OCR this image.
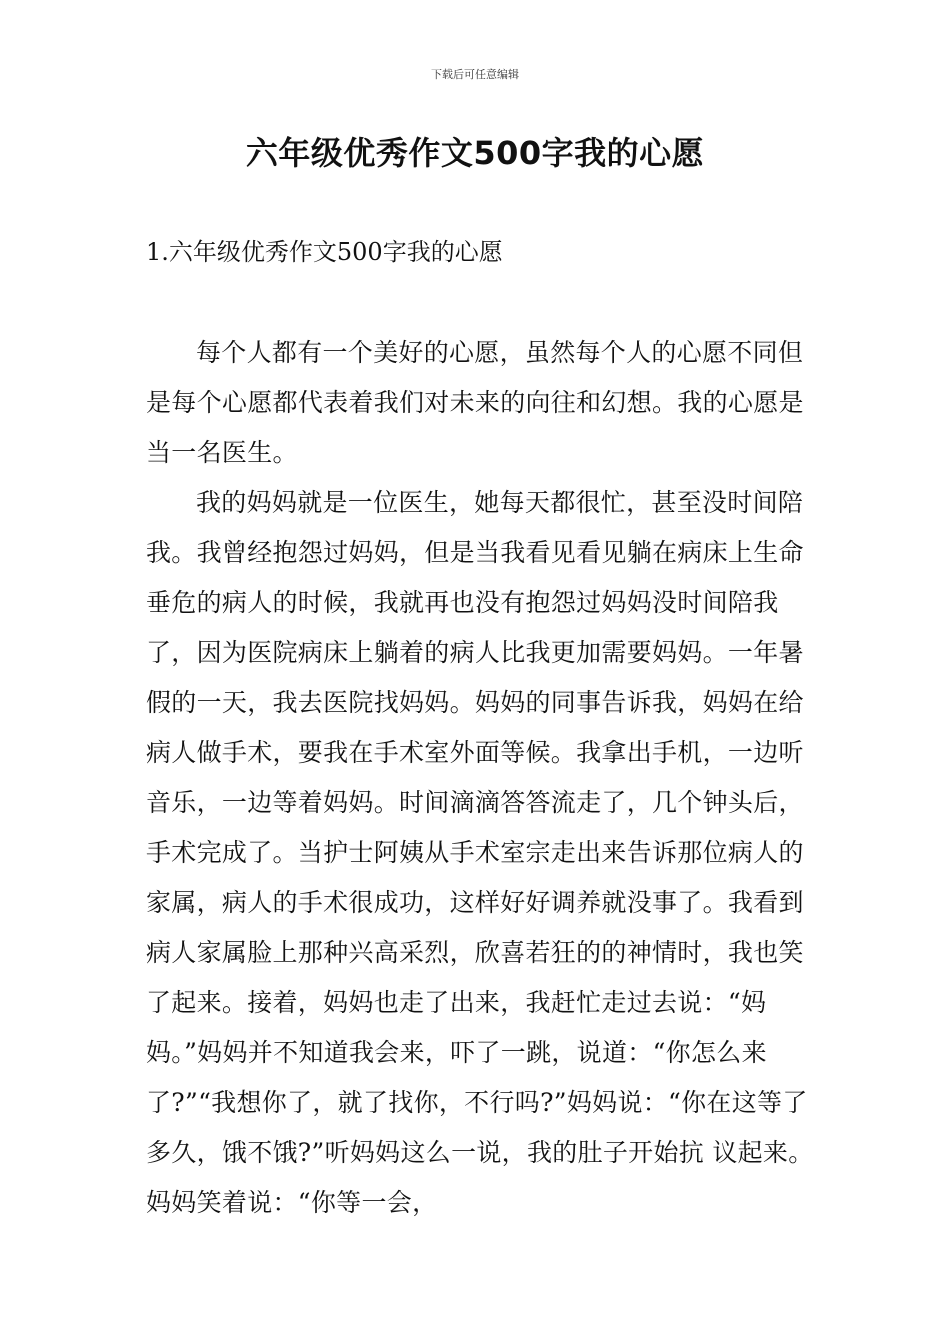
下载后可任意编辑
六年级优秀作文500字我的心愿
1.六年级优秀作文500字我的心愿

每个人都有一个美好的心愿，虽然每个人的心愿不同但是每个心愿都代表着我们对未来的向往和幻想。我的心愿是当一名医生。

我的妈妈就是一位医生，她每天都很忙，甚至没时间陪我。我曾经抱怨过妈妈，但是当我看见看见躺在病床上生命垂危的病人的时候，我就再也没有抱怨过妈妈没时间陪我了，因为医院病床上躺着的病人比我更加需要妈妈。一年暑假的一天，我去医院找妈妈。妈妈的同事告诉我，妈妈在给病人做手术，要我在手术室外面等候。我拿出手机，一边听音乐，一边等着妈妈。时间滴滴答答流走了，几个钟头后，手术完成了。当护士阿姨从手术室宗走出来告诉那位病人的家属，病人的手术很成功，这样好好调养就没事了。我看到病人家属脸上那种兴高采烈，欣喜若狂的的神情时，我也笑了起来。接着，妈妈也走了出来，我赶忙走过去说：“妈妈。”妈妈并不知道我会来，吓了一跳，说道：“你怎么来了?”“我想你了，就了找你，不行吗?”妈妈说：“你在这等了多久，饿不饿?”听妈妈这么一说，我的肚子开始抗 议起来。妈妈笑着说：“你等一会，
